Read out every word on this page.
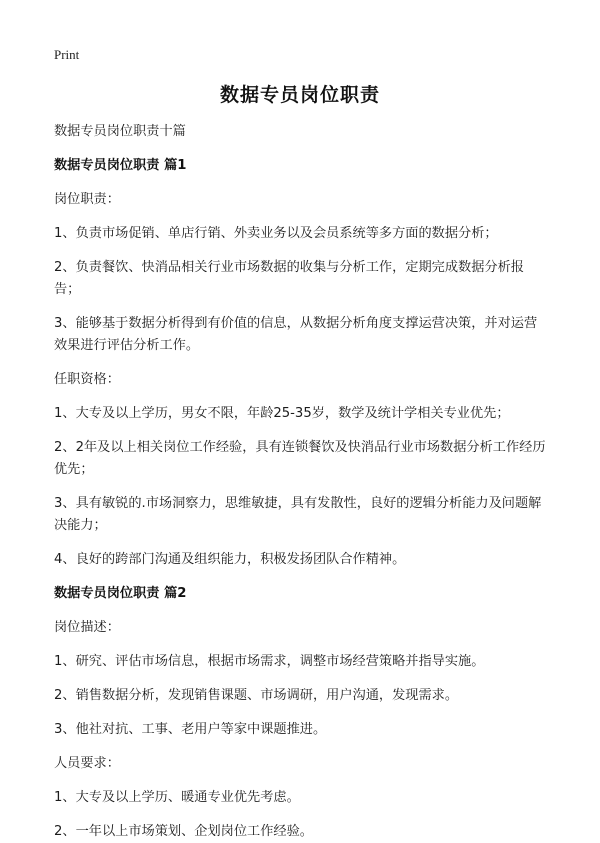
Print
数据专员岗位职责

数据专员岗位职责十篇

数据专员岗位职责 篇1

岗位职责：

1、负责市场促销、单店行销、外卖业务以及会员系统等多方面的数据分析；

2、负责餐饮、快消品相关行业市场数据的收集与分析工作，定期完成数据分析报告；

3、能够基于数据分析得到有价值的信息，从数据分析角度支撑运营决策，并对运营效果进行评估分析工作。

任职资格：

1、大专及以上学历，男女不限，年龄25-35岁，数学及统计学相关专业优先；

2、2年及以上相关岗位工作经验，具有连锁餐饮及快消品行业市场数据分析工作经历优先；

3、具有敏锐的.市场洞察力，思维敏捷，具有发散性，良好的逻辑分析能力及问题解决能力；

4、良好的跨部门沟通及组织能力，积极发扬团队合作精神。

数据专员岗位职责 篇2

岗位描述：

1、研究、评估市场信息，根据市场需求，调整市场经营策略并指导实施。

2、销售数据分析，发现销售课题、市场调研，用户沟通，发现需求。

3、他社对抗、工事、老用户等家中课题推进。

人员要求：

1、大专及以上学历、暖通专业优先考虑。

2、一年以上市场策划、企划岗位工作经验。
